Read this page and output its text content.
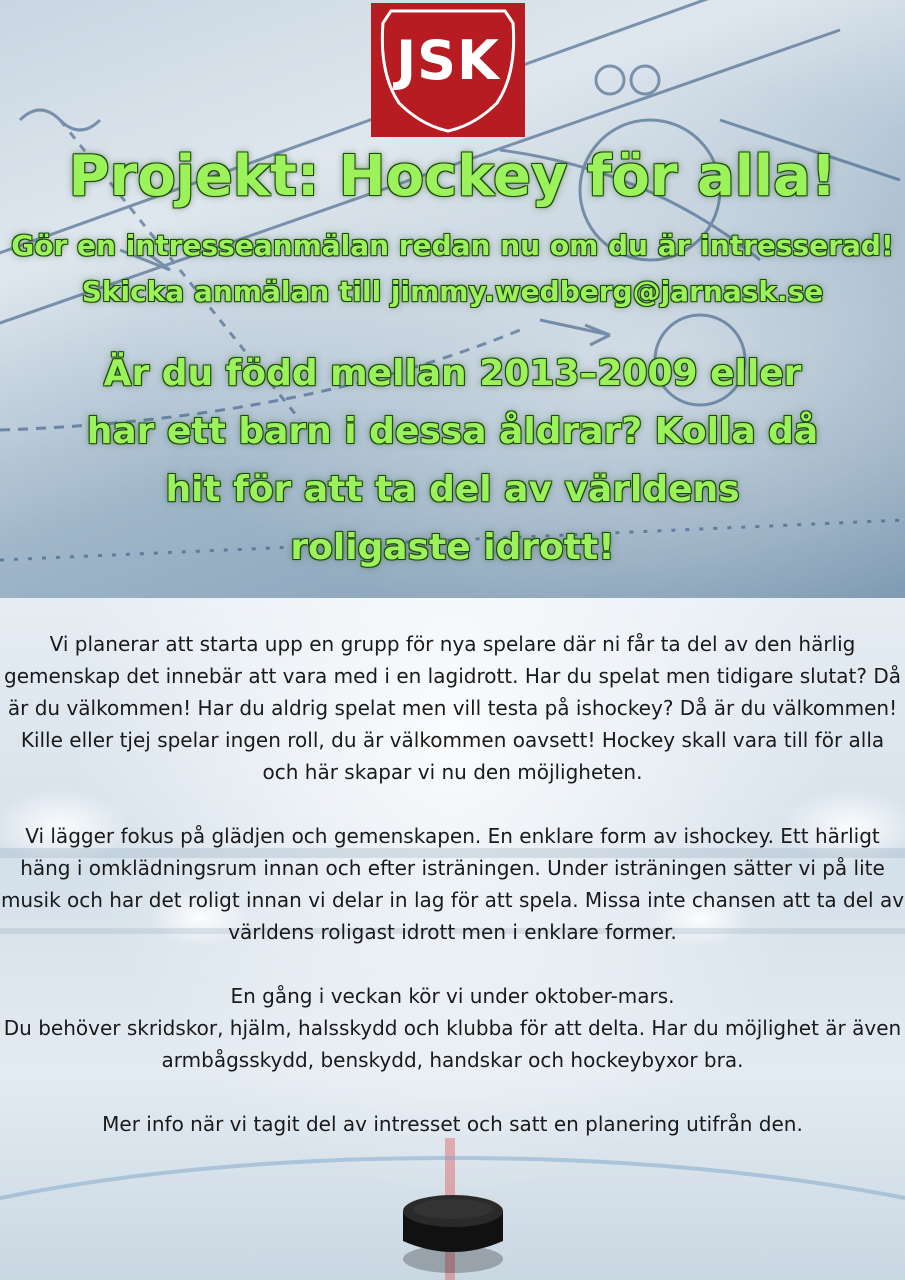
JSK
Projekt: Hockey för alla!
Gör en intresseanmälan redan nu om du är intresserad!
Skicka anmälan till jimmy.wedberg@jarnask.se
Är du född mellan 2013–2009 eller har ett barn i dessa åldrar? Kolla då hit för att ta del av världens roligaste idrott!

Vi planerar att starta upp en grupp för nya spelare där ni får ta del av den härlig gemenskap det innebär att vara med i en lagidrott. Har du spelat men tidigare slutat? Då är du välkommen! Har du aldrig spelat men vill testa på ishockey? Då är du välkommen! Kille eller tjej spelar ingen roll, du är välkommen oavsett! Hockey skall vara till för alla och här skapar vi nu den möjligheten.

Vi lägger fokus på glädjen och gemenskapen. En enklare form av ishockey. Ett härligt häng i omklädningsrum innan och efter isträningen. Under isträningen sätter vi på lite musik och har det roligt innan vi delar in lag för att spela. Missa inte chansen att ta del av världens roligast idrott men i enklare former.

En gång i veckan kör vi under oktober-mars.
Du behöver skridskor, hjälm, halsskydd och klubba för att delta. Har du möjlighet är även armbågsskydd, benskydd, handskar och hockeybyxor bra.

Mer info när vi tagit del av intresset och satt en planering utifrån den.
